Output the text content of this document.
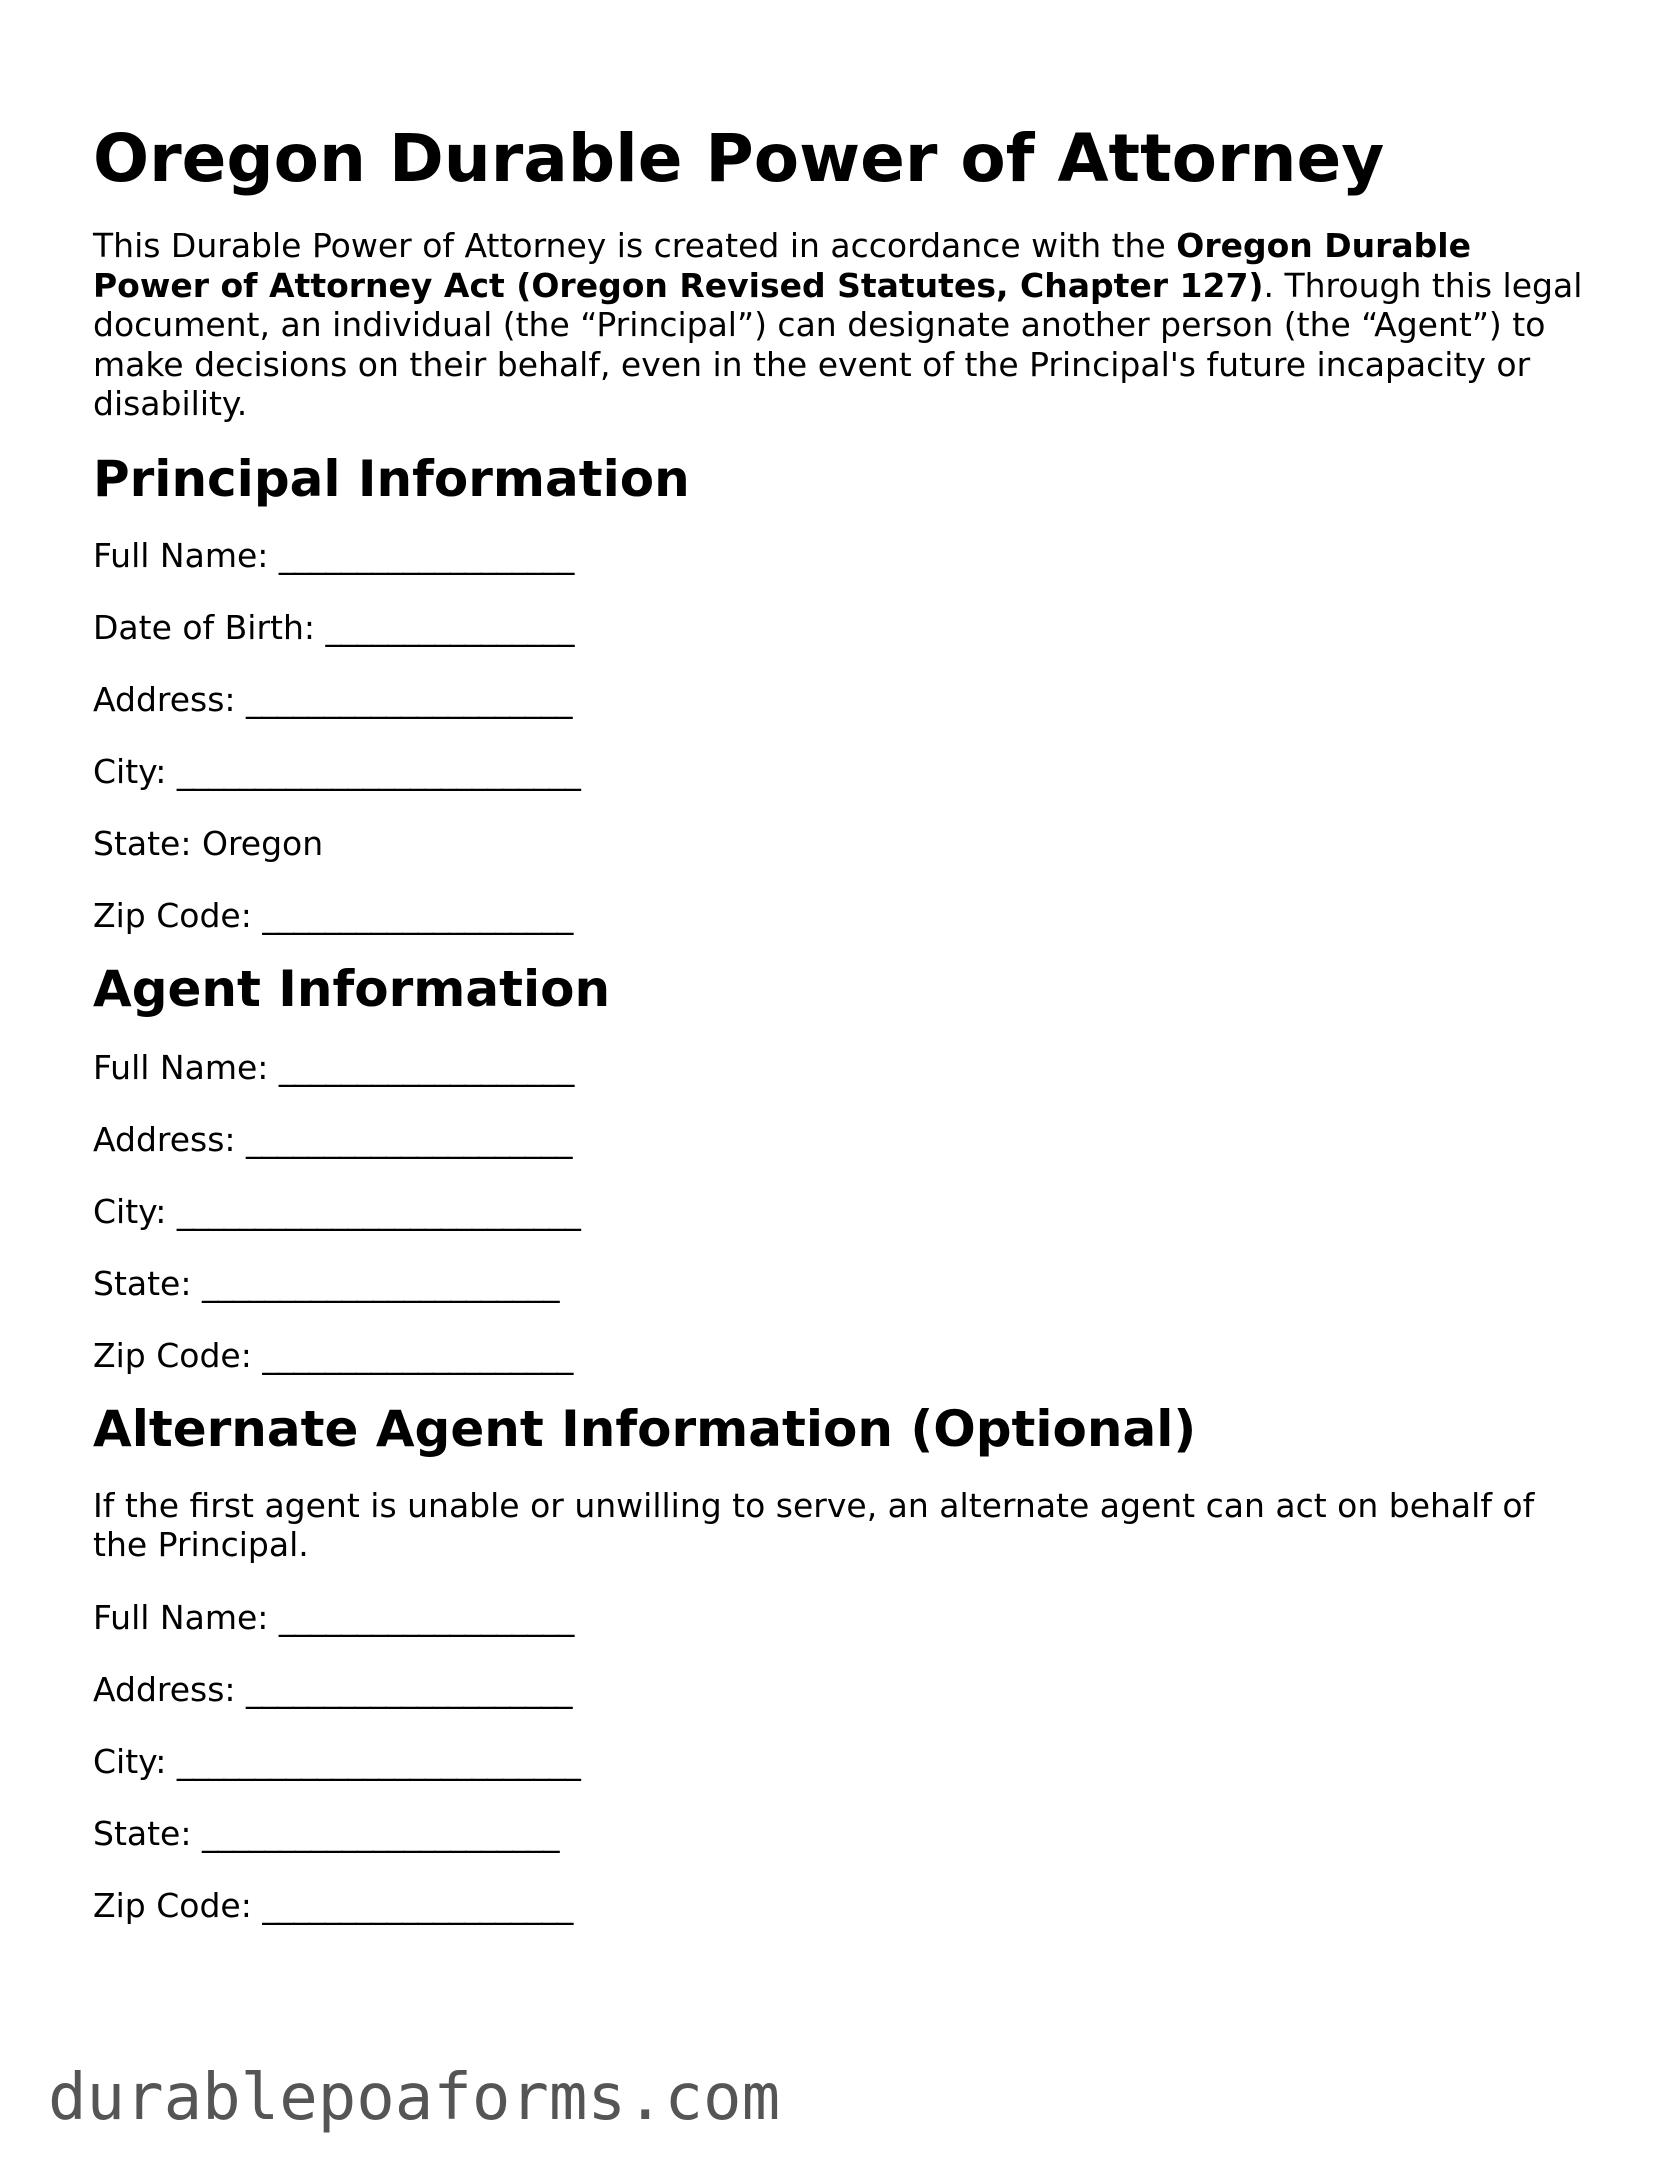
Oregon Durable Power of Attorney

This Durable Power of Attorney is created in accordance with the Oregon Durable Power of Attorney Act (Oregon Revised Statutes, Chapter 127). Through this legal document, an individual (the “Principal”) can designate another person (the “Agent”) to make decisions on their behalf, even in the event of the Principal's future incapacity or disability.

Principal Information
Full Name: ___________________
Date of Birth: ________________
Address: _____________________
City: __________________________
State: Oregon
Zip Code: ____________________
Agent Information
Full Name: ___________________
Address: _____________________
City: __________________________
State: _______________________
Zip Code: ____________________
Alternate Agent Information (Optional)

If the first agent is unable or unwilling to serve, an alternate agent can act on behalf of the Principal.

Full Name: ___________________
Address: _____________________
City: __________________________
State: _______________________
Zip Code: ____________________
durablepoaforms.com
